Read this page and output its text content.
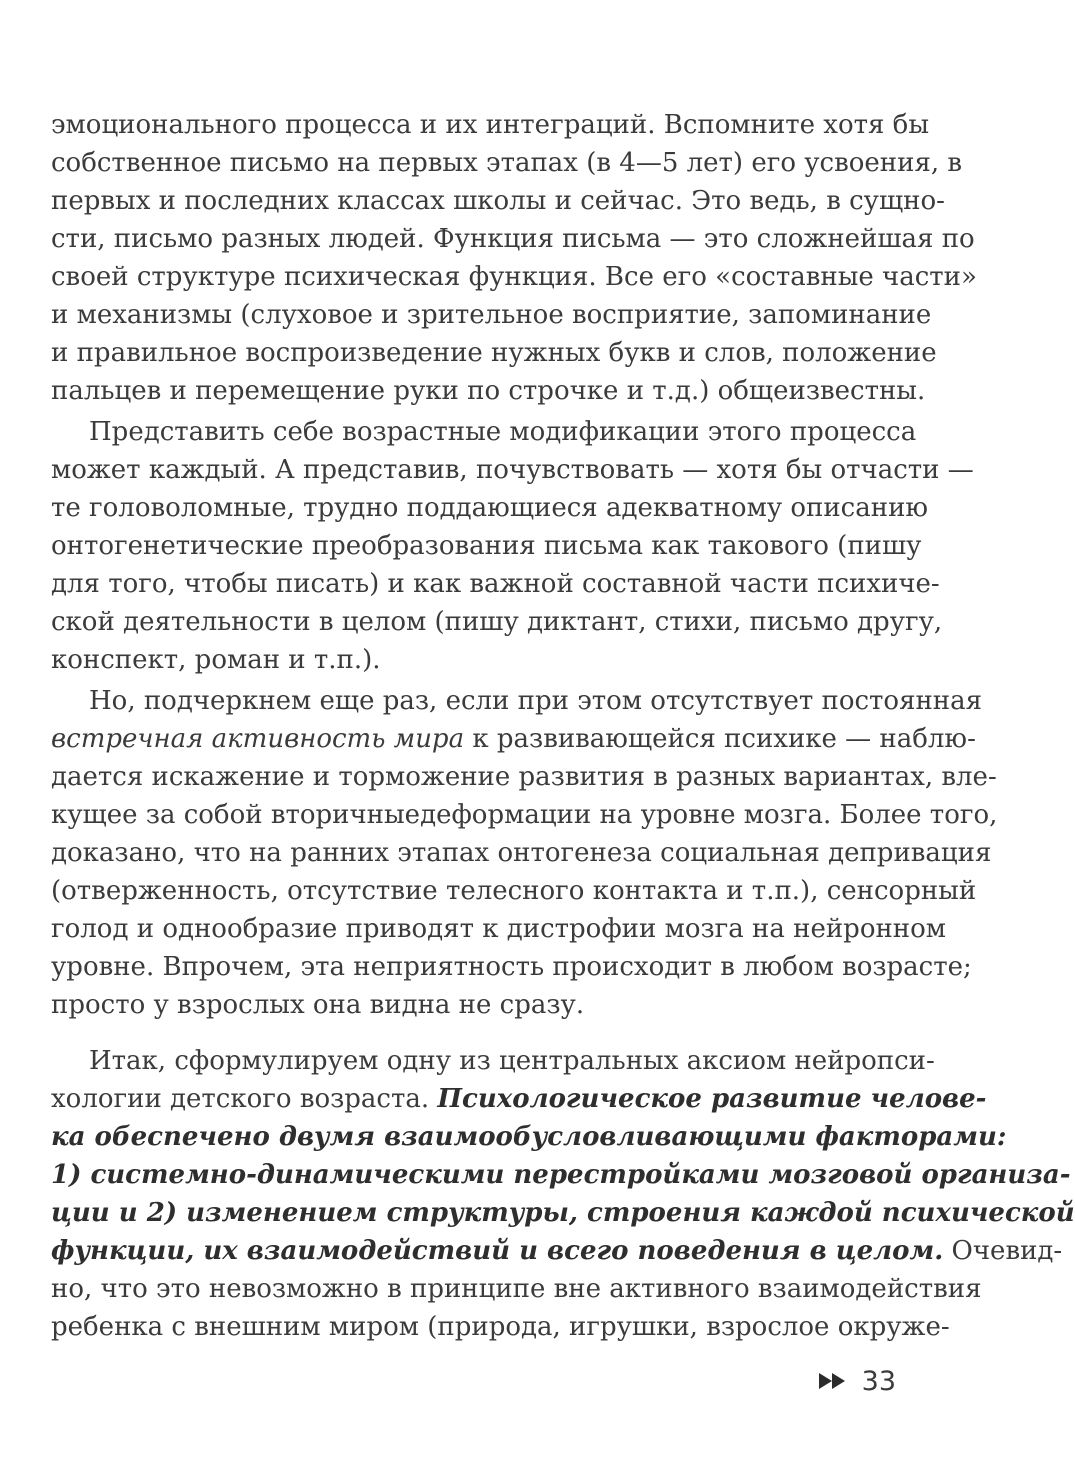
эмоционального процесса и их интеграций. Вспомните хотя бы
собственное письмо на первых этапах (в 4—5 лет) его усвоения, в
первых и последних классах школы и сейчас. Это ведь, в сущно-
сти, письмо разных людей. Функция письма — это сложнейшая по
своей структуре психическая функция. Все его «составные части»
и механизмы (слуховое и зрительное восприятие, запоминание
и правильное воспроизведение нужных букв и слов, положение
пальцев и перемещение руки по строчке и т.д.) общеизвестны.
Представить себе возрастные модификации этого процесса
может каждый. А представив, почувствовать — хотя бы отчасти —
те головоломные, трудно поддающиеся адекватному описанию
онтогенетические преобразования письма как такового (пишу
для того, чтобы писать) и как важной составной части психиче-
ской деятельности в целом (пишу диктант, стихи, письмо другу,
конспект, роман и т.п.).
Но, подчеркнем еще раз, если при этом отсутствует постоянная
встречная активность мира к развивающейся психике — наблю-
дается искажение и торможение развития в разных вариантах, вле-
кущее за собой вторичныедеформации на уровне мозга. Более того,
доказано, что на ранних этапах онтогенеза социальная депривация
(отверженность, отсутствие телесного контакта и т.п.), сенсорный
голод и однообразие приводят к дистрофии мозга на нейронном
уровне. Впрочем, эта неприятность происходит в любом возрасте;
просто у взрослых она видна не сразу.
Итак, сформулируем одну из центральных аксиом нейропси-
хологии детского возраста. Психологическое развитие челове-
ка обеспечено двумя взаимообусловливающими факторами:
1) системно-динамическими перестройками мозговой организа-
ции и 2) изменением структуры, строения каждой психической
функции, их взаимодействий и всего поведения в целом. Очевид-
но, что это невозможно в принципе вне активного взаимодействия
ребенка с внешним миром (природа, игрушки, взрослое окруже-
33
